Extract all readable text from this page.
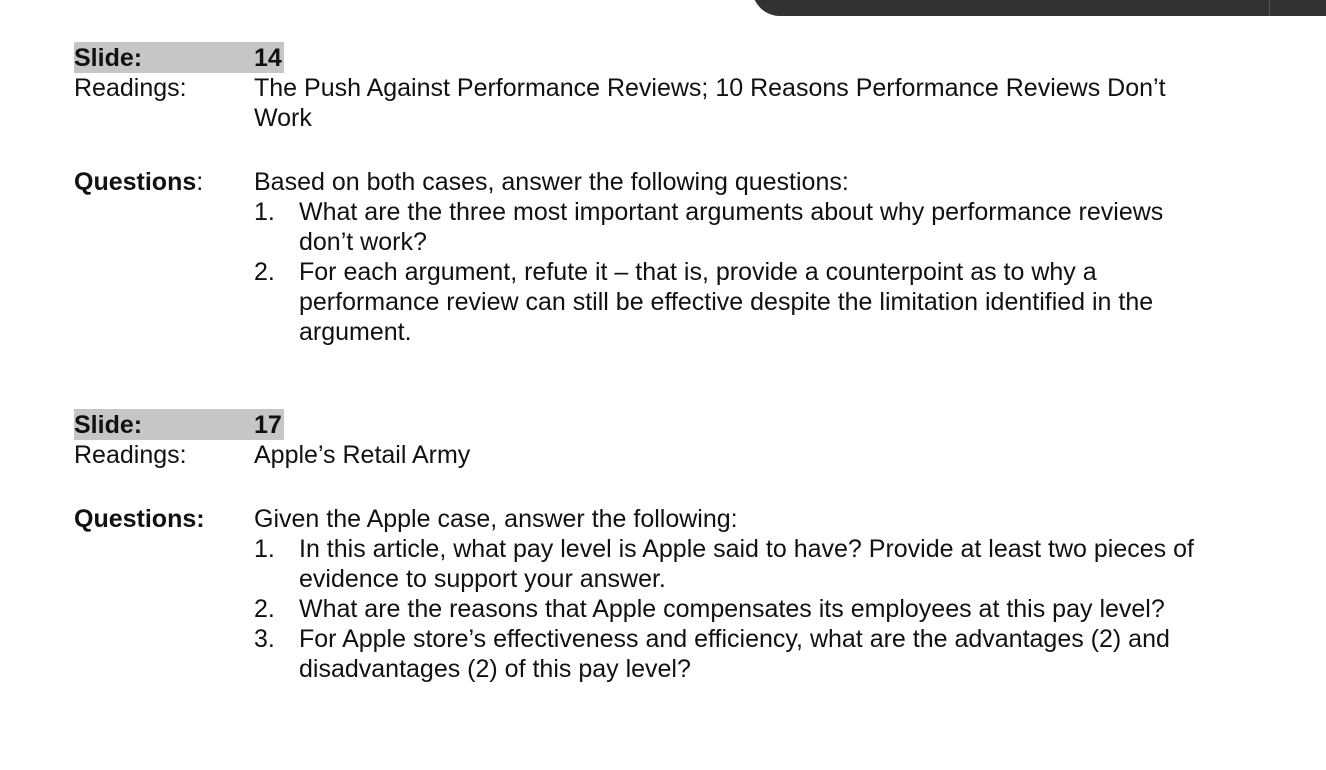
Slide:	14
Readings:	The Push Against Performance Reviews; 10 Reasons Performance Reviews Don’t Work
Questions: Based on both cases, answer the following questions:
1. What are the three most important arguments about why performance reviews don’t work?
2. For each argument, refute it – that is, provide a counterpoint as to why a performance review can still be effective despite the limitation identified in the argument.
Slide:	17
Readings:	Apple’s Retail Army
Questions: Given the Apple case, answer the following:
1. In this article, what pay level is Apple said to have? Provide at least two pieces of evidence to support your answer.
2. What are the reasons that Apple compensates its employees at this pay level?
3. For Apple store’s effectiveness and efficiency, what are the advantages (2) and disadvantages (2) of this pay level?
